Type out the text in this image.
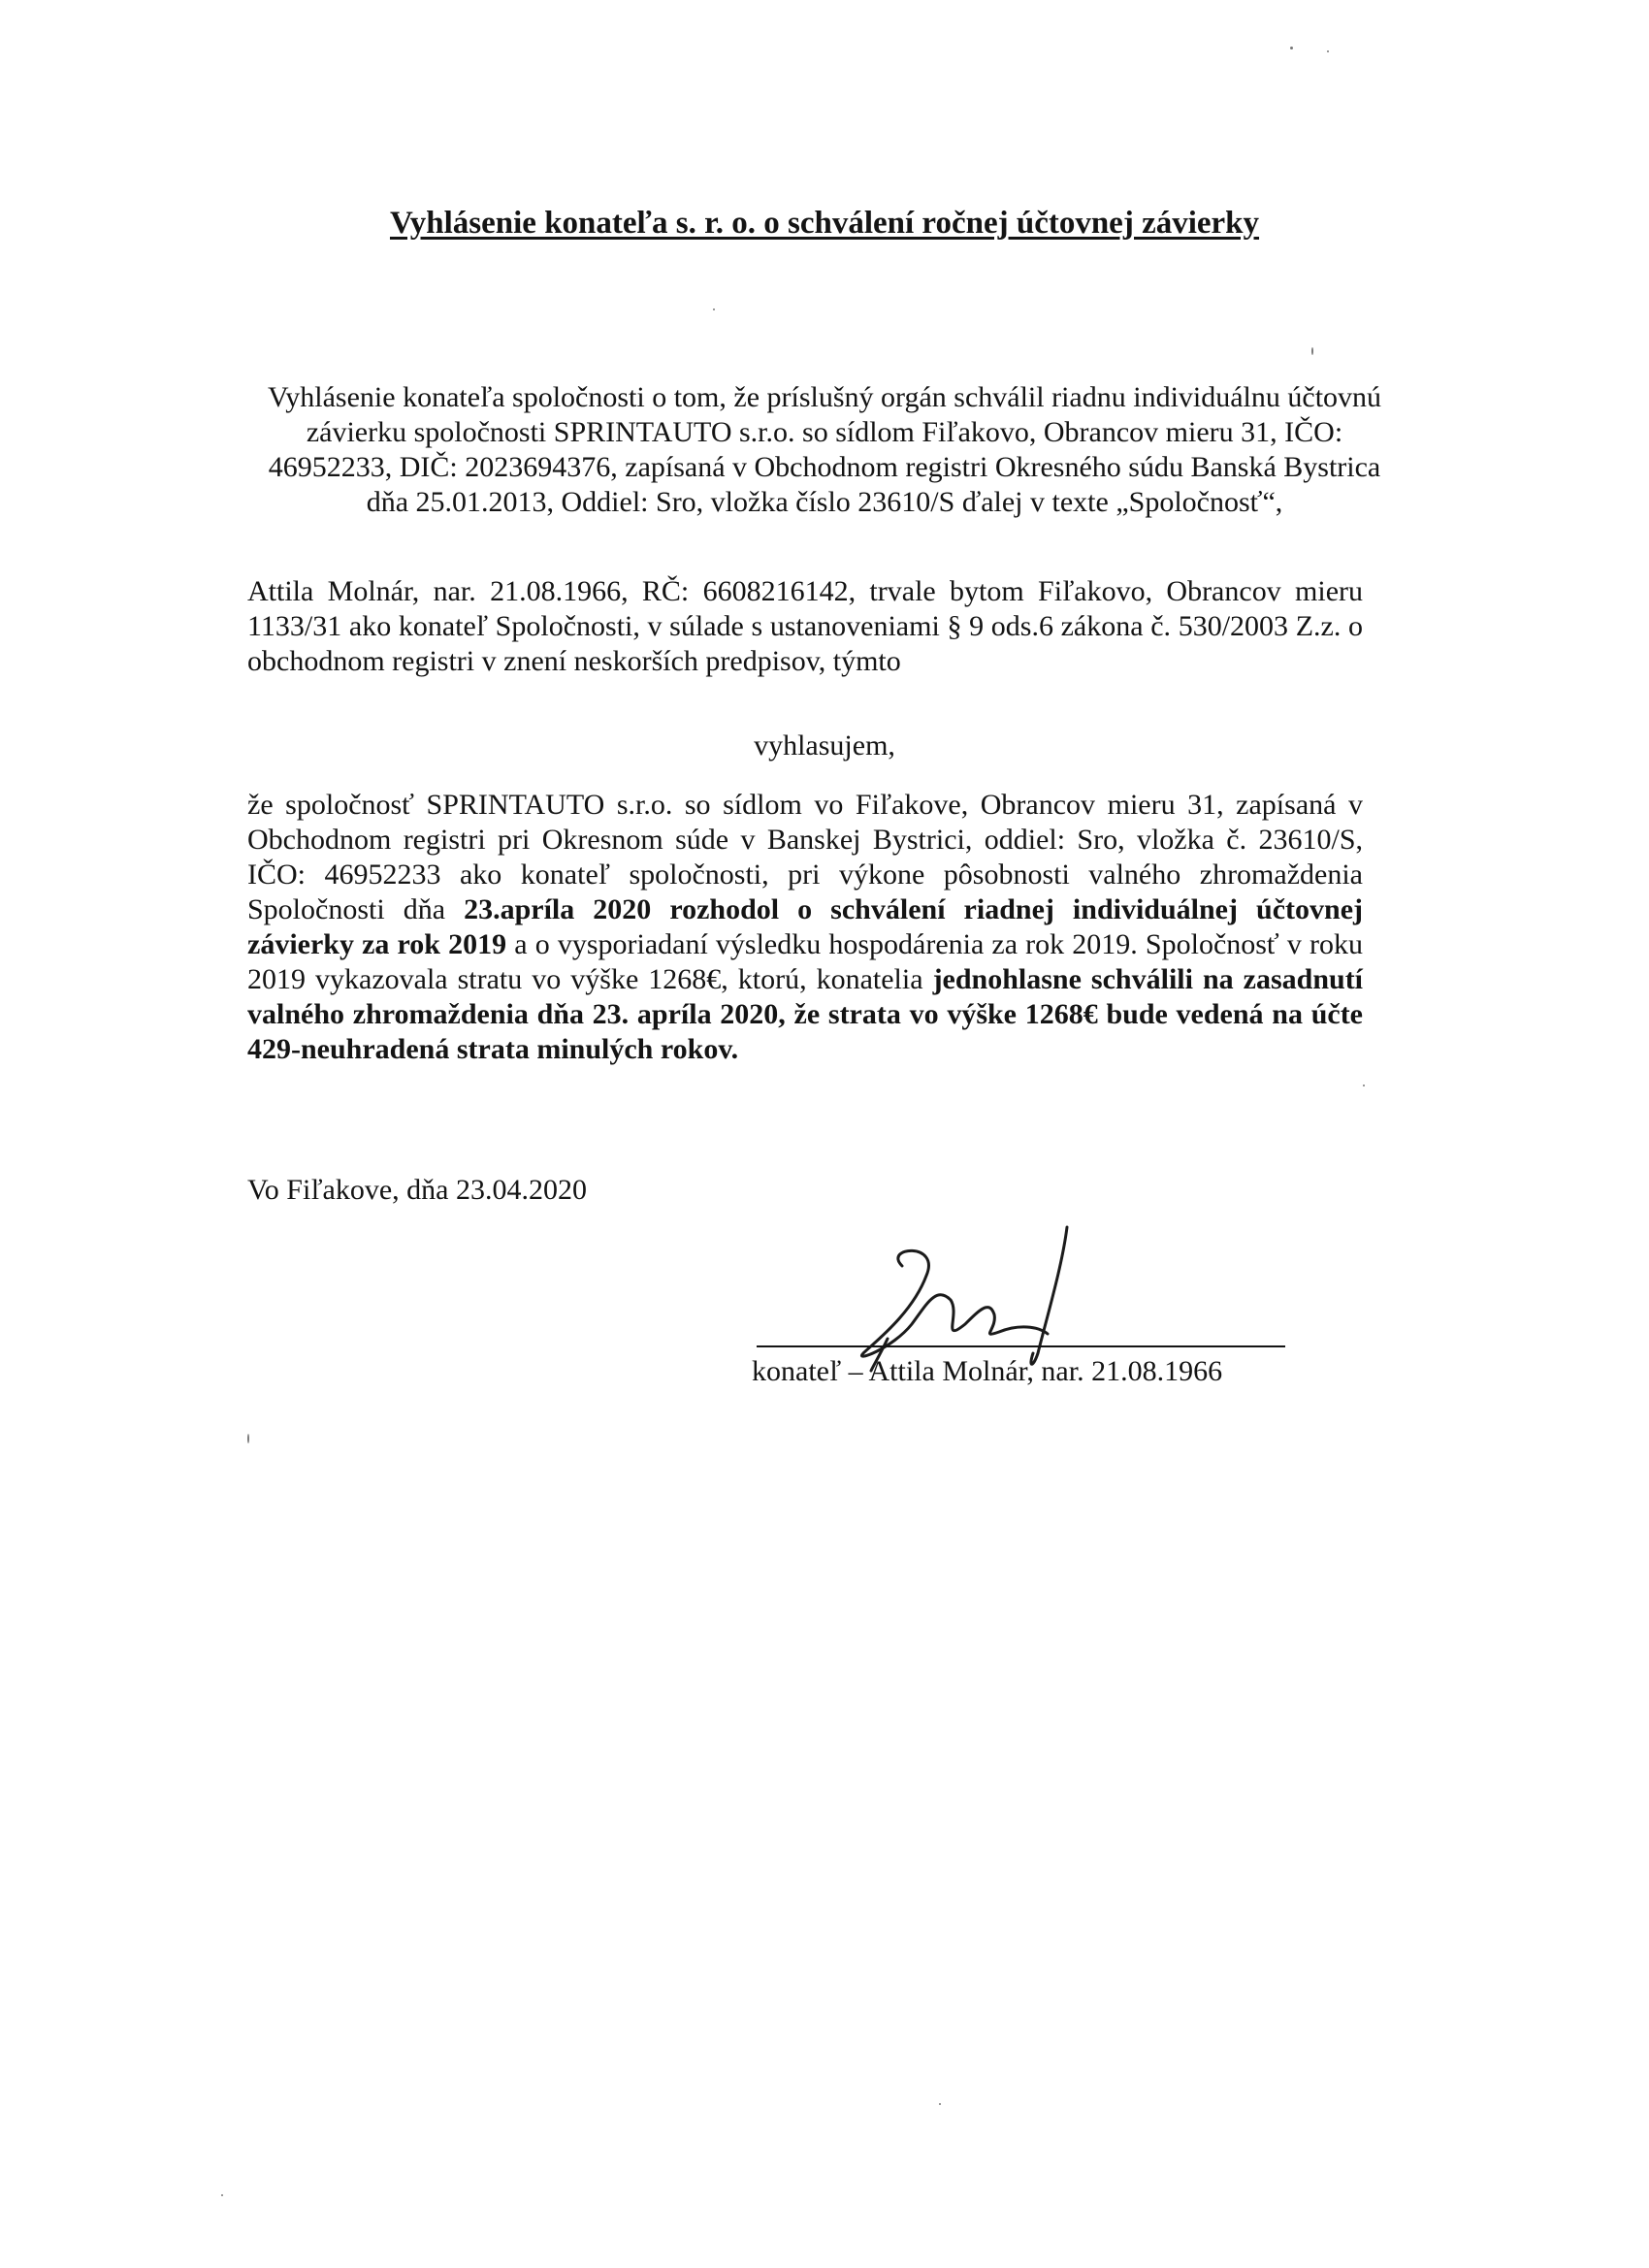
Vyhlásenie konateľa s. r. o. o schválení ročnej účtovnej závierky
Vyhlásenie konateľa spoločnosti o tom, že príslušný orgán schválil riadnu individuálnu účtovnú závierku spoločnosti SPRINTAUTO s.r.o. so sídlom Fiľakovo, Obrancov mieru 31, IČO: 46952233, DIČ: 2023694376, zapísaná v Obchodnom registri Okresného súdu Banská Bystrica dňa 25.01.2013, Oddiel: Sro, vložka číslo 23610/S ďalej v texte „Spoločnosť“,
Attila Molnár, nar. 21.08.1966, RČ: 6608216142, trvale bytom Fiľakovo, Obrancov mieru 1133/31 ako konateľ Spoločnosti, v súlade s ustanoveniami § 9 ods.6 zákona č. 530/2003 Z.z. o obchodnom registri v znení neskorších predpisov, týmto
vyhlasujem,
že spoločnosť SPRINTAUTO s.r.o. so sídlom vo Fiľakove, Obrancov mieru 31, zapísaná v Obchodnom registri pri Okresnom súde v Banskej Bystrici, oddiel: Sro, vložka č. 23610/S, IČO: 46952233 ako konateľ spoločnosti, pri výkone pôsobnosti valného zhromaždenia Spoločnosti dňa 23.apríla 2020 rozhodol o schválení riadnej individuálnej účtovnej závierky za rok 2019 a o vysporiadaní výsledku hospodárenia za rok 2019. Spoločnosť v roku 2019 vykazovala stratu vo výške 1268€, ktorú, konatelia jednohlasne schválili na zasadnutí valného zhromaždenia dňa 23. apríla 2020, že strata vo výške 1268€ bude vedená na účte 429-neuhradená strata minulých rokov.
Vo Fiľakove, dňa 23.04.2020
konateľ – Attila Molnár, nar. 21.08.1966
